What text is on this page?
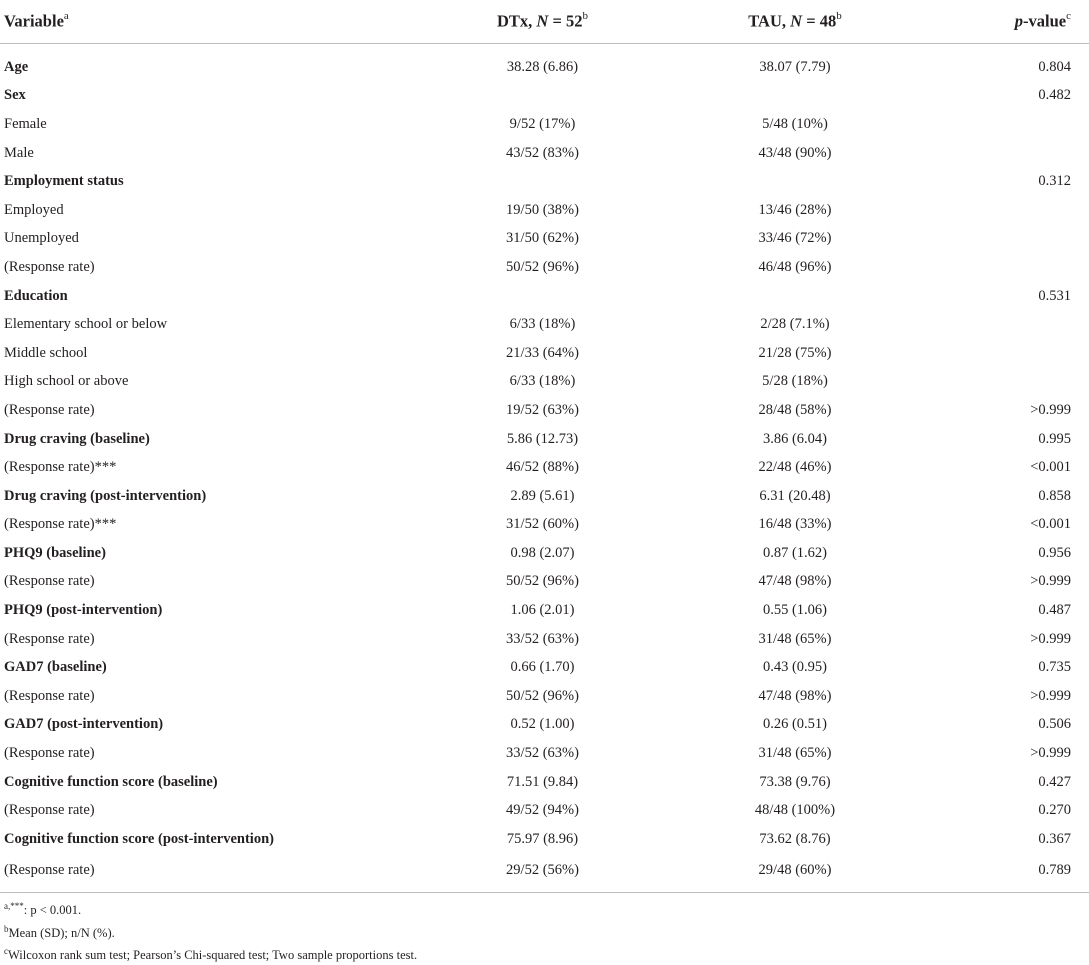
Variable$^a$	DTx, $N = 52^b$	TAU, $N = 48^b$	p-value$^c$
Age	38.28 (6.86)	38.07 (7.79)	0.804
Sex			0.482
Female	9/52 (17%)	5/48 (10%)	
Male	43/52 (83%)	43/48 (90%)	
Employment status			0.312
Employed	19/50 (38%)	13/46 (28%)	
Unemployed	31/50 (62%)	33/46 (72%)	
(Response rate)	50/52 (96%)	46/48 (96%)	
Education			0.531
Elementary school or below	6/33 (18%)	2/28 (7.1%)	
Middle school	21/33 (64%)	21/28 (75%)	
High school or above	6/33 (18%)	5/28 (18%)	
(Response rate)	19/52 (63%)	28/48 (58%)	>0.999
Drug craving (baseline)	5.86 (12.73)	3.86 (6.04)	0.995
(Response rate)***	46/52 (88%)	22/48 (46%)	<0.001
Drug craving (post-intervention)	2.89 (5.61)	6.31 (20.48)	0.858
(Response rate)***	31/52 (60%)	16/48 (33%)	<0.001
PHQ9 (baseline)	0.98 (2.07)	0.87 (1.62)	0.956
(Response rate)	50/52 (96%)	47/48 (98%)	>0.999
PHQ9 (post-intervention)	1.06 (2.01)	0.55 (1.06)	0.487
(Response rate)	33/52 (63%)	31/48 (65%)	>0.999
GAD7 (baseline)	0.66 (1.70)	0.43 (0.95)	0.735
(Response rate)	50/52 (96%)	47/48 (98%)	>0.999
GAD7 (post-intervention)	0.52 (1.00)	0.26 (0.51)	0.506
(Response rate)	33/52 (63%)	31/48 (65%)	>0.999
Cognitive function score (baseline)	71.51 (9.84)	73.38 (9.76)	0.427
(Response rate)	49/52 (94%)	48/48 (100%)	0.270
Cognitive function score (post-intervention)	75.97 (8.96)	73.62 (8.76)	0.367
(Response rate)	29/52 (56%)	29/48 (60%)	0.789
$^{a,***}$: p < 0.001.
$^b$Mean (SD); n/N (%).
$^c$Wilcoxon rank sum test; Pearson’s Chi-squared test; Two sample proportions test.
